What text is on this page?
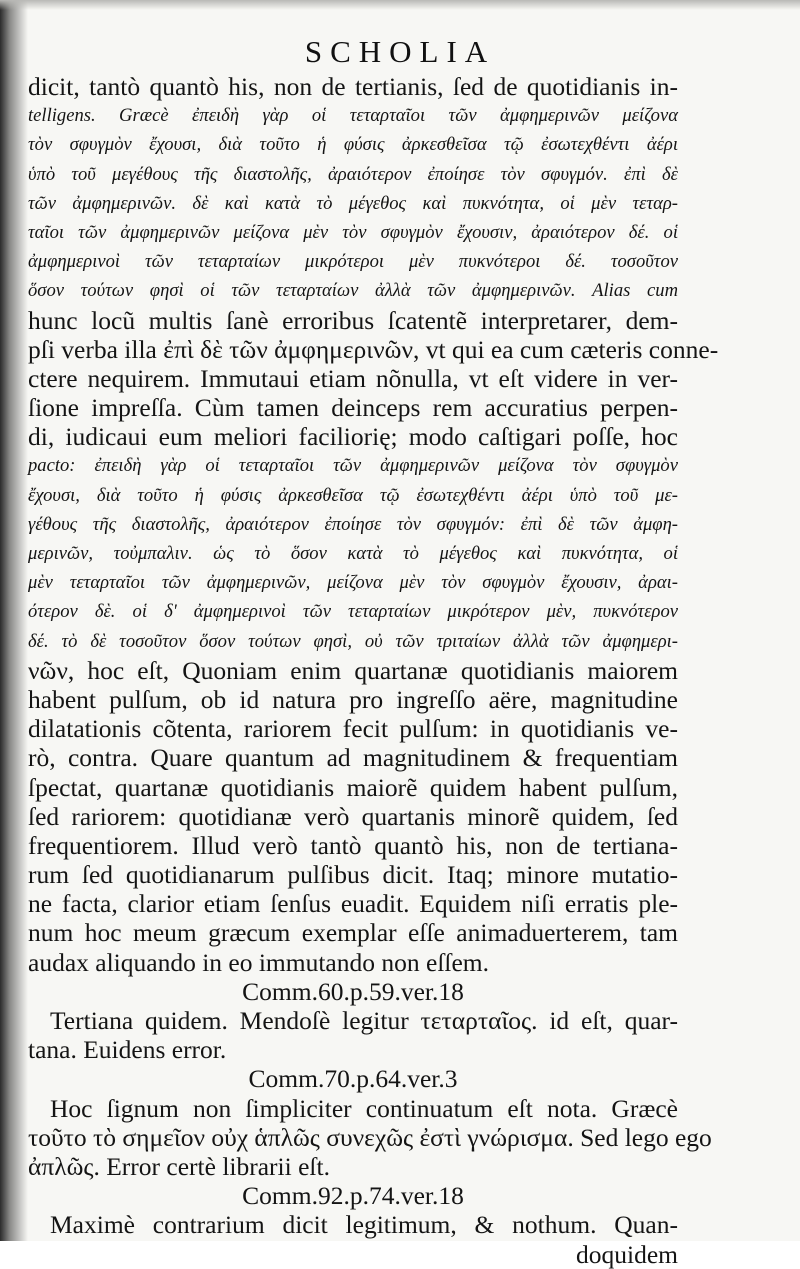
SCHOLIA
dicit, tantò quantò his, non de tertianis, ſed de quotidianis in-
telligens. Græcè ἐπειδὴ γὰρ οἱ τεταρταῖοι τῶν ἀμφημερινῶν μείζονα
τὸν σφυγμὸν ἔχουσι, διὰ τοῦτο ἡ φύσις ἀρκεσθεῖσα τῷ ἐσωτεχθέντι ἀέρι
ὑπὸ τοῦ μεγέθους τῆς διαστολῆς, ἀραιότερον ἐποίησε τὸν σφυγμόν. ἐπὶ δὲ
τῶν ἀμφημερινῶν. δὲ καὶ κατὰ τὸ μέγεθος καὶ πυκνότητα, οἱ μὲν τεταρ-
ταῖοι τῶν ἀμφημερινῶν μείζονα μὲν τὸν σφυγμὸν ἔχουσιν, ἀραιότερον δέ. οἱ
ἀμφημερινοὶ τῶν τεταρταίων μικρότεροι μὲν πυκνότεροι δέ. τοσοῦτον
ὅσον τούτων φησὶ οἱ τῶν τεταρταίων ἀλλὰ τῶν ἀμφημερινῶν. Alias cum
hunc locũ multis ſanè erroribus ſcatentẽ interpretarer, dem-
pſi verba illa ἐπὶ δὲ τῶν ἀμφημερινῶν, vt qui ea cum cæteris conne-
ctere nequirem. Immutaui etiam nõnulla, vt eſt videre in ver-
ſione impreſſa. Cùm tamen deinceps rem accuratius perpen-
di, iudicaui eum meliori faciliorię; modo caſtigari poſſe, hoc
pacto: ἐπειδὴ γὰρ οἱ τεταρταῖοι τῶν ἀμφημερινῶν μείζονα τὸν σφυγμὸν
ἔχουσι, διὰ τοῦτο ἡ φύσις ἀρκεσθεῖσα τῷ ἐσωτεχθέντι ἀέρι ὑπὸ τοῦ με-
γέθους τῆς διαστολῆς, ἀραιότερον ἐποίησε τὸν σφυγμόν: ἐπὶ δὲ τῶν ἀμφη-
μερινῶν, τοὐμπαλιν. ὡς τὸ ὅσον κατὰ τὸ μέγεθος καὶ πυκνότητα, οἱ
μὲν τεταρταῖοι τῶν ἀμφημερινῶν, μείζονα μὲν τὸν σφυγμὸν ἔχουσιν, ἀραι-
ότερον δὲ. οἱ δ' ἀμφημερινοὶ τῶν τεταρταίων μικρότερον μὲν, πυκνότερον
δέ. τὸ δὲ τοσοῦτον ὅσον τούτων φησὶ, οὐ τῶν τριταίων ἀλλὰ τῶν ἀμφημερι-
νῶν, hoc eſt, Quoniam enim quartanæ quotidianis maiorem
habent pulſum, ob id natura pro ingreſſo aëre, magnitudine
dilatationis cõtenta, rariorem fecit pulſum: in quotidianis ve-
rò, contra. Quare quantum ad magnitudinem & frequentiam
ſpectat, quartanæ quotidianis maiorẽ quidem habent pulſum,
ſed rariorem: quotidianæ verò quartanis minorẽ quidem, ſed
frequentiorem. Illud verò tantò quantò his, non de tertiana-
rum ſed quotidianarum pulſibus dicit. Itaq; minore mutatio-
ne facta, clarior etiam ſenſus euadit. Equidem niſi erratis ple-
num hoc meum græcum exemplar eſſe animaduerterem, tam
audax aliquando in eo immutando non eſſem.
Comm.60.p.59.ver.18
Tertiana quidem. Mendoſè legitur τεταρταῖος. id eſt, quar-
tana. Euidens error.
Comm.70.p.64.ver.3
Hoc ſignum non ſimpliciter continuatum eſt nota. Græcè
τοῦτο τὸ σημεῖον οὐχ ἁπλῶς συνεχῶς ἐστὶ γνώρισμα. Sed lego ego
ἀπλῶς. Error certè librarii eſt.
Comm.92.p.74.ver.18
Maximè contrarium dicit legitimum, & nothum. Quan-
doquidem
